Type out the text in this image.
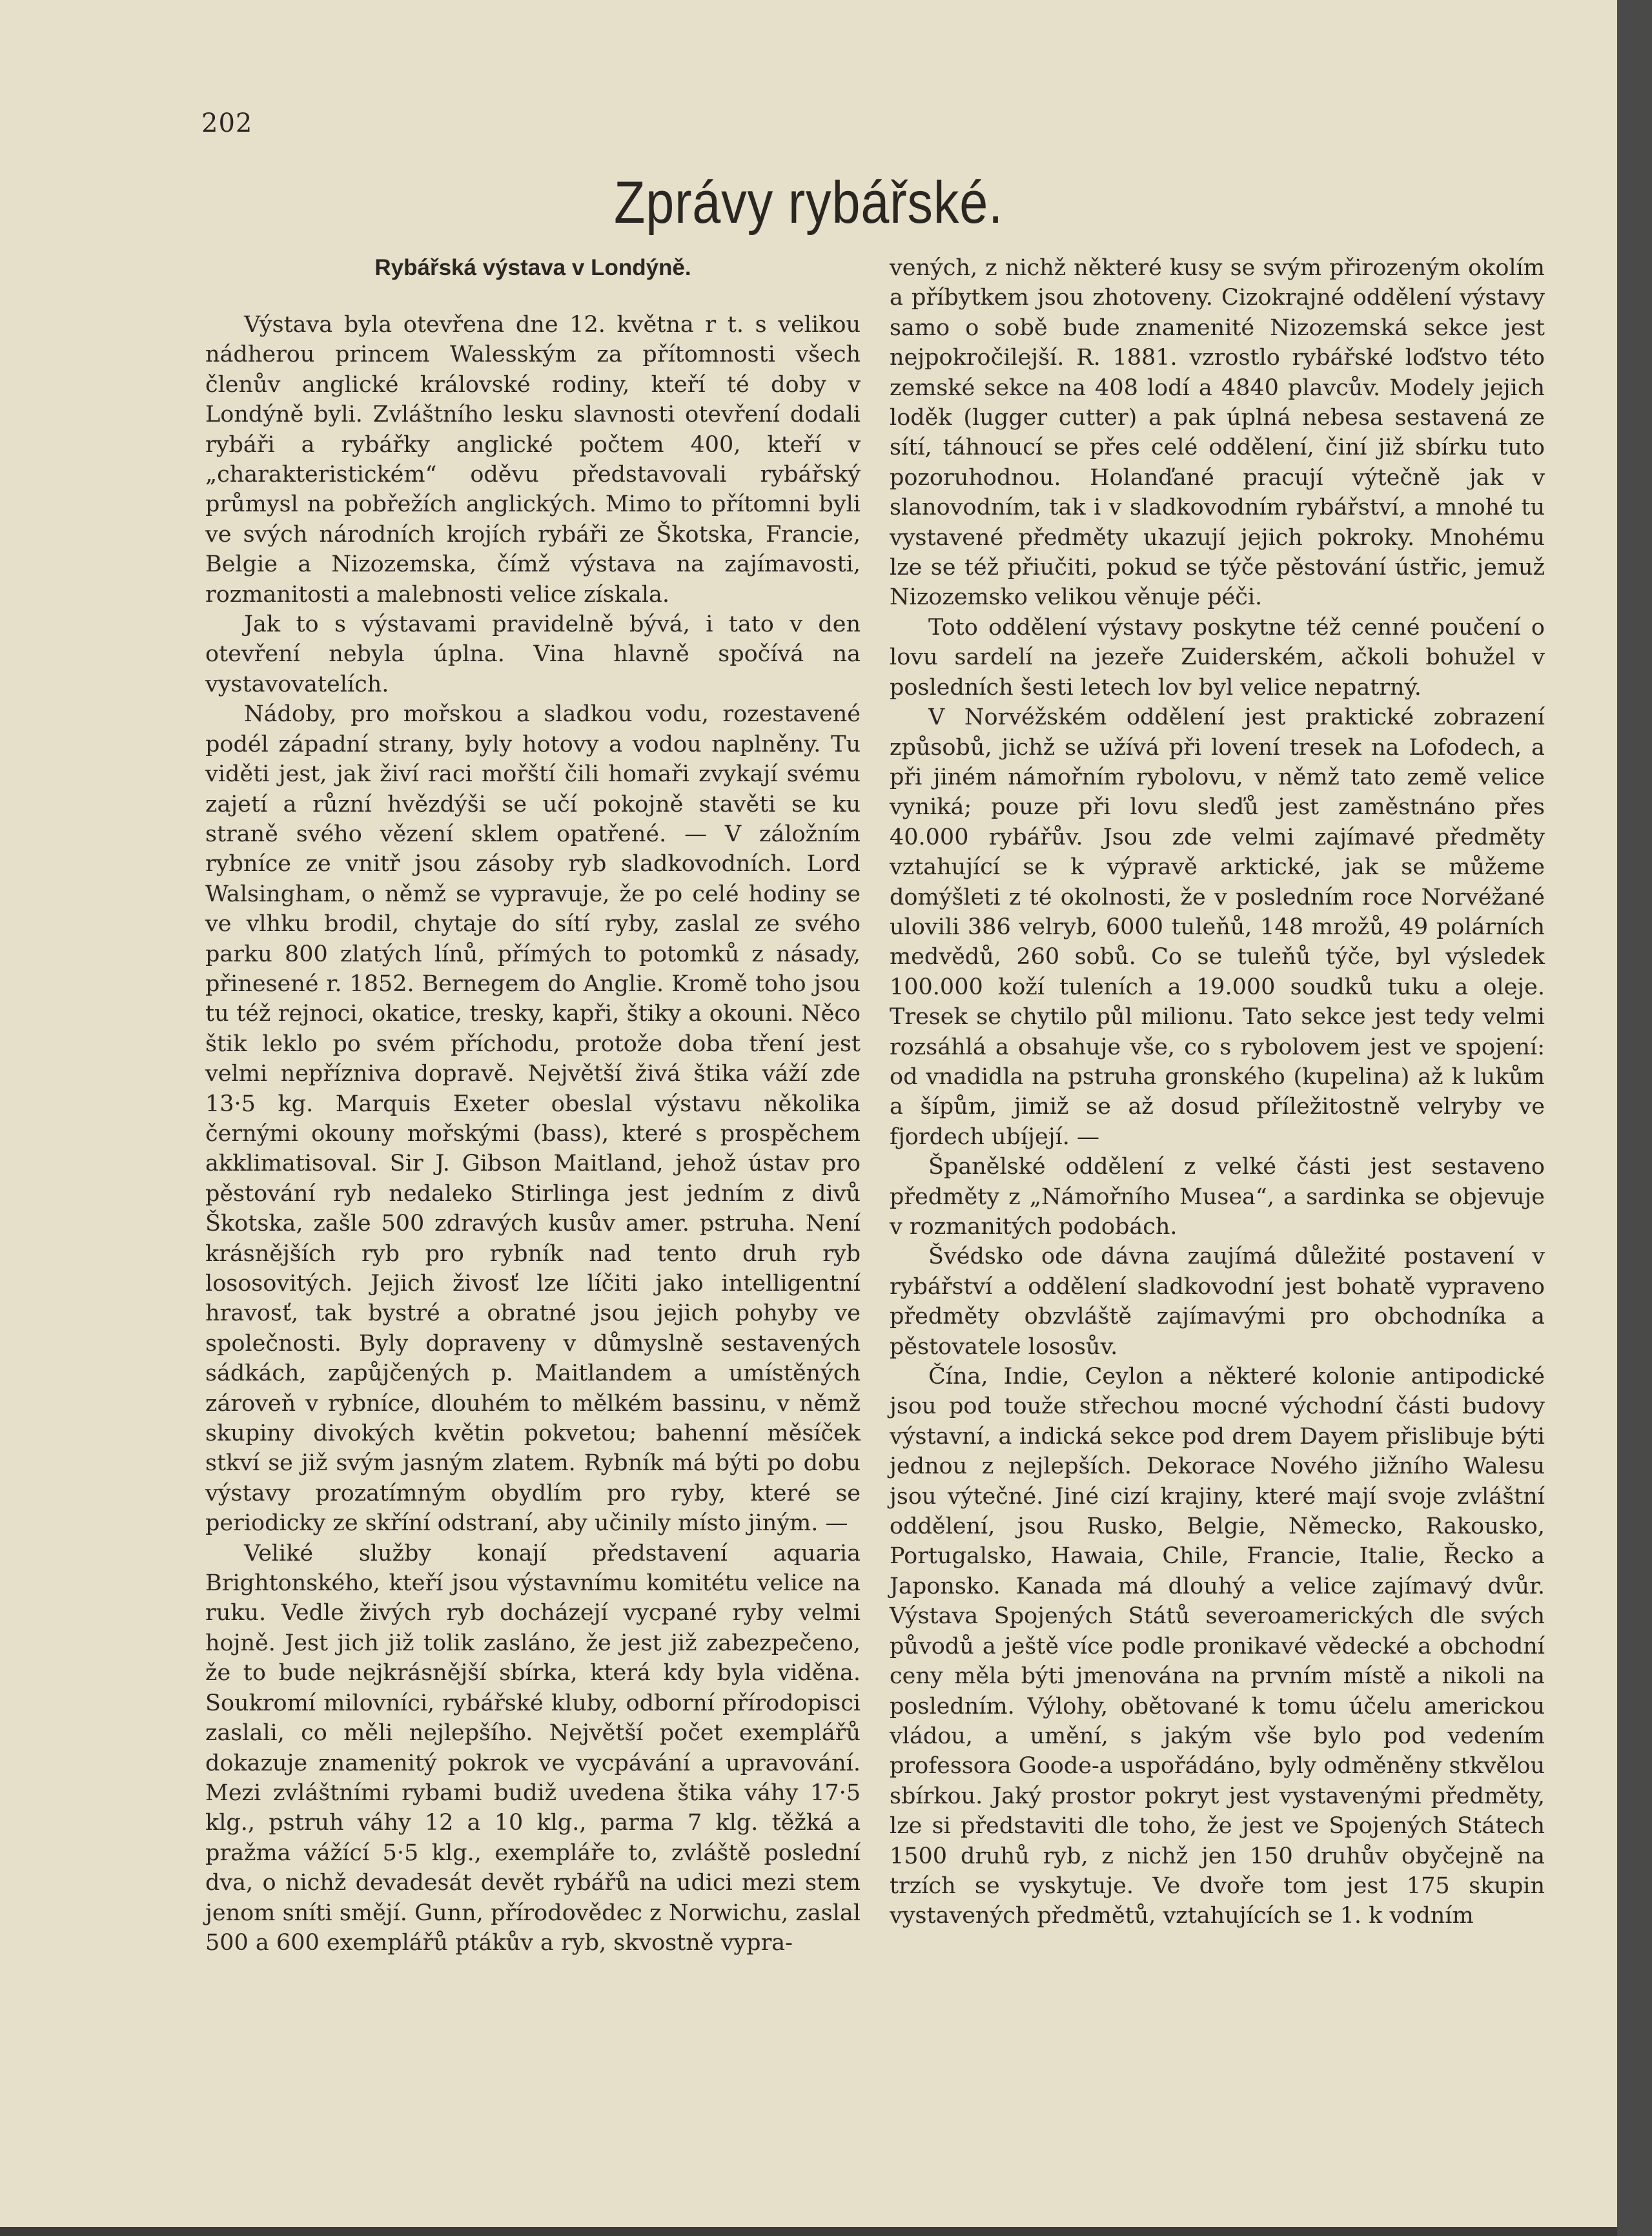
202
Zprávy rybářské.
Rybářská výstava v Londýně.

Výstava byla otevřena dne 12. května r t. s velikou nádherou princem Walesským za přítomnosti všech členův anglické královské rodiny, kteří té doby v Londýně byli. Zvláštního lesku slavnosti otevření dodali rybáři a rybářky anglické počtem 400, kteří v „charakteristickém“ oděvu představovali rybářský průmysl na pobřežích anglických. Mimo to přítomni byli ve svých národních krojích rybáři ze Škotska, Francie, Belgie a Nizozemska, čímž výstava na zajímavosti, rozmanitosti a malebnosti velice získala.

Jak to s výstavami pravidelně bývá, i tato v den otevření nebyla úplna. Vina hlavně spočívá na vystavovatelích.

Nádoby, pro mořskou a sladkou vodu, rozestavené podél západní strany, byly hotovy a vodou naplněny. Tu viděti jest, jak živí raci mořští čili homaři zvykají svému zajetí a různí hvězdýši se učí pokojně stavěti se ku straně svého vězení sklem opatřené. — V záložním rybníce ze vnitř jsou zásoby ryb sladkovodních. Lord Walsingham, o němž se vypravuje, že po celé hodiny se ve vlhku brodil, chytaje do sítí ryby, zaslal ze svého parku 800 zlatých línů, přímých to potomků z násady, přinesené r. 1852. Bernegem do Anglie. Kromě toho jsou tu též rejnoci, okatice, tresky, kapři, štiky a okouni. Něco štik leklo po svém příchodu, protože doba tření jest velmi nepřízniva dopravě. Největší živá štika váží zde 13·5 kg. Marquis Exeter obeslal výstavu několika černými okouny mořskými (bass), které s prospěchem akklimatisoval. Sir J. Gibson Maitland, jehož ústav pro pěstování ryb nedaleko Stirlinga jest jedním z divů Škotska, zašle 500 zdravých kusův amer. pstruha. Není krásnějších ryb pro rybník nad tento druh ryb lososovitých. Jejich živosť lze líčiti jako intelligentní hravosť, tak bystré a obratné jsou jejich pohyby ve společnosti. Byly dopraveny v důmyslně sestavených sádkách, zapůjčených p. Maitlandem a umístěných zároveň v rybníce, dlouhém to mělkém bassinu, v němž skupiny divokých květin pokvetou; bahenní měsíček stkví se již svým jasným zlatem. Rybník má býti po dobu výstavy prozatímným obydlím pro ryby, které se periodicky ze skříní odstraní, aby učinily místo jiným. —

Veliké služby konají představení aquaria Brightonského, kteří jsou výstavnímu komitétu velice na ruku. Vedle živých ryb docházejí vycpané ryby velmi hojně. Jest jich již tolik zasláno, že jest již zabezpečeno, že to bude nejkrásnější sbírka, která kdy byla viděna. Soukromí milovníci, rybářské kluby, odborní přírodopisci zaslali, co měli nejlepšího. Největší počet exemplářů dokazuje znamenitý pokrok ve vycpávání a upravování. Mezi zvláštními rybami budiž uvedena štika váhy 17·5 klg., pstruh váhy 12 a 10 klg., parma 7 klg. těžká a pražma vážící 5·5 klg., exempláře to, zvláště poslední dva, o nichž devadesát devět rybářů na udici mezi stem jenom sníti smějí. Gunn, přírodovědec z Norwichu, zaslal 500 a 600 exemplářů ptákův a ryb, skvostně vypra-

vených, z nichž některé kusy se svým přirozeným okolím a příbytkem jsou zhotoveny. Cizokrajné oddělení výstavy samo o sobě bude znamenité Nizozemská sekce jest nejpokročilejší. R. 1881. vzrostlo rybářské loďstvo této zemské sekce na 408 lodí a 4840 plavcův. Modely jejich loděk (lugger cutter) a pak úplná nebesa sestavená ze sítí, táhnoucí se přes celé oddělení, činí již sbírku tuto pozoruhodnou. Holanďané pracují výtečně jak v slanovodním, tak i v sladkovodním rybářství, a mnohé tu vystavené předměty ukazují jejich pokroky. Mnohému lze se též přiučiti, pokud se týče pěstování ústřic, jemuž Nizozemsko velikou věnuje péči.

Toto oddělení výstavy poskytne též cenné poučení o lovu sardelí na jezeře Zuiderském, ačkoli bohužel v posledních šesti letech lov byl velice nepatrný.

V Norvéžském oddělení jest praktické zobrazení způsobů, jichž se užívá při lovení tresek na Lofodech, a při jiném námořním rybolovu, v němž tato země velice vyniká; pouze při lovu sleďů jest zaměstnáno přes 40.000 rybářův. Jsou zde velmi zajímavé předměty vztahující se k výpravě arktické, jak se můžeme domýšleti z té okolnosti, že v posledním roce Norvéžané ulovili 386 velryb, 6000 tuleňů, 148 mrožů, 49 polárních medvědů, 260 sobů. Co se tuleňů týče, byl výsledek 100.000 koží tuleních a 19.000 soudků tuku a oleje. Tresek se chytilo půl milionu. Tato sekce jest tedy velmi rozsáhlá a obsahuje vše, co s rybolovem jest ve spojení: od vnadidla na pstruha gronského (kupelina) až k lukům a šípům, jimiž se až dosud příležitostně velryby ve fjordech ubíjejí. —

Španělské oddělení z velké části jest sestaveno předměty z „Námořního Musea“, a sardinka se objevuje v rozmanitých podobách.

Švédsko ode dávna zaujímá důležité postavení v rybářství a oddělení sladkovodní jest bohatě vypraveno předměty obzvláště zajímavými pro obchodníka a pěstovatele lososův.

Čína, Indie, Ceylon a některé kolonie antipodické jsou pod touže střechou mocné východní části budovy výstavní, a indická sekce pod drem Dayem přislibuje býti jednou z nejlepších. Dekorace Nového jižního Walesu jsou výtečné. Jiné cizí krajiny, které mají svoje zvláštní oddělení, jsou Rusko, Belgie, Německo, Rakousko, Portugalsko, Hawaia, Chile, Francie, Italie, Řecko a Japonsko. Kanada má dlouhý a velice zajímavý dvůr. Výstava Spojených Států severoamerických dle svých původů a ještě více podle pronikavé vědecké a obchodní ceny měla býti jmenována na prvním místě a nikoli na posledním. Výlohy, obětované k tomu účelu americkou vládou, a umění, s jakým vše bylo pod vedením professora Goode-a uspořádáno, byly odměněny stkvělou sbírkou. Jaký prostor pokryt jest vystavenými předměty, lze si představiti dle toho, že jest ve Spojených Státech 1500 druhů ryb, z nichž jen 150 druhův obyčejně na trzích se vyskytuje. Ve dvoře tom jest 175 skupin vystavených předmětů, vztahujících se 1. k vodním
